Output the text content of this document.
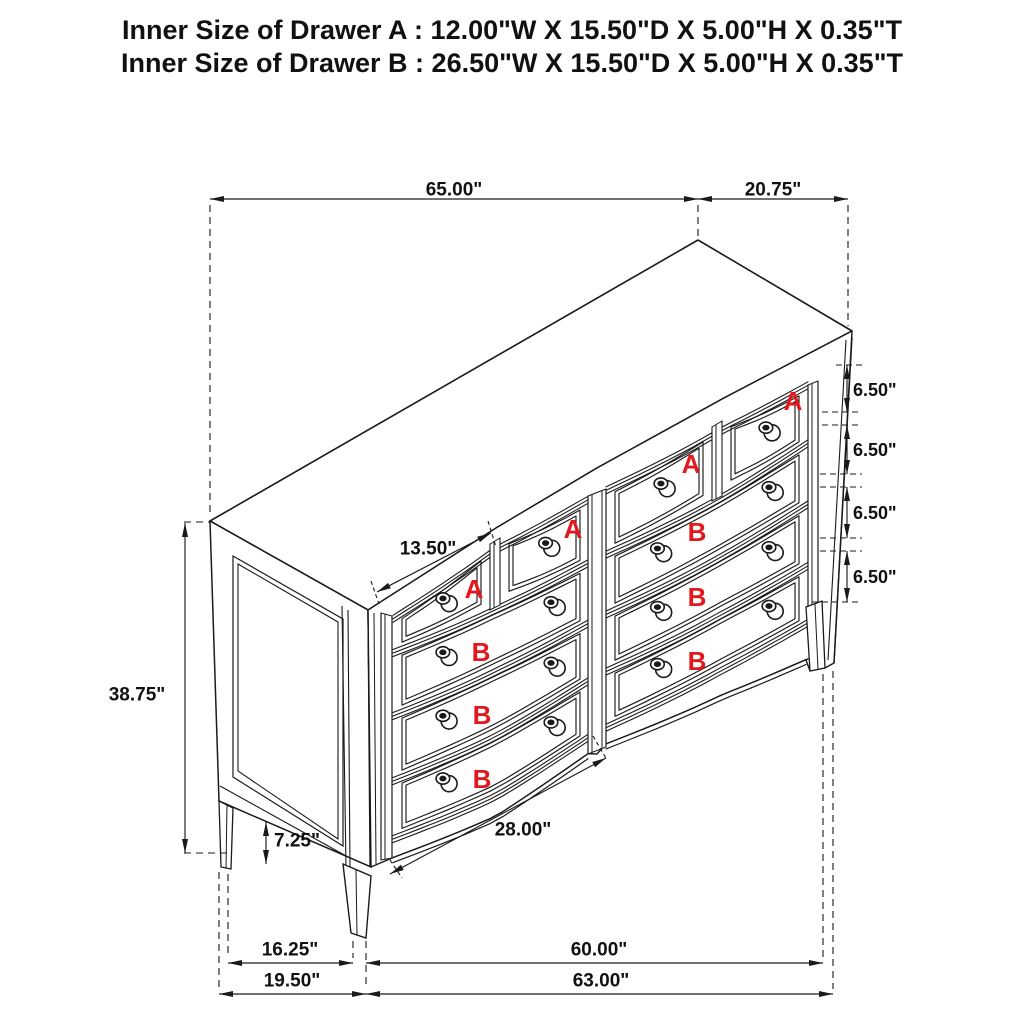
Inner Size of Drawer A : 12.00"W X 15.50"D X 5.00"H X 0.35"T
Inner Size of Drawer B : 26.50"W X 15.50"D X 5.00"H X 0.35"T
A
A
A
A
B
B
B
B
B
B
65.00"	20.75"
6.50"
6.50"
6.50"
6.50"
13.50"
38.75"
7.25"
28.00"
16.25"	60.00"
19.50"	63.00"
